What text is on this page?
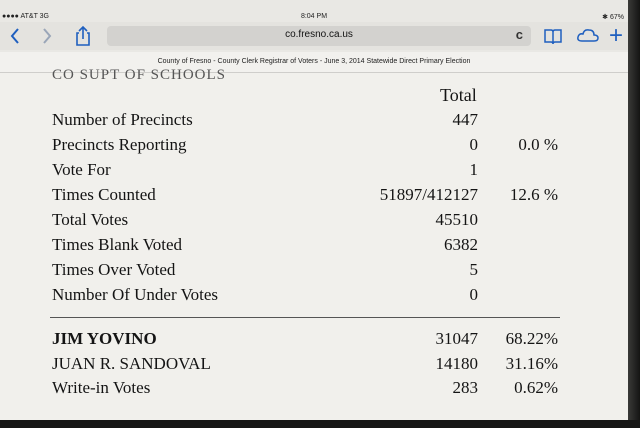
●●●● AT&T 3G	8:04 PM	✱ 67%
co.fresno.ca.us	c	+
County of Fresno - County Clerk Registrar of Voters - June 3, 2014 Statewide Direct Primary Election
CO SUPT OF SCHOOLS
Total
Number of Precincts	447
Precincts Reporting	0 0.0 %
Vote For	1
Times Counted	51897/412127 12.6 %
Total Votes	45510
Times Blank Voted	6382
Times Over Voted	5
Number Of Under Votes	0
JIM YOVINO	31047 68.22%
JUAN R. SANDOVAL	14180 31.16%
Write-in Votes	283 0.62%
